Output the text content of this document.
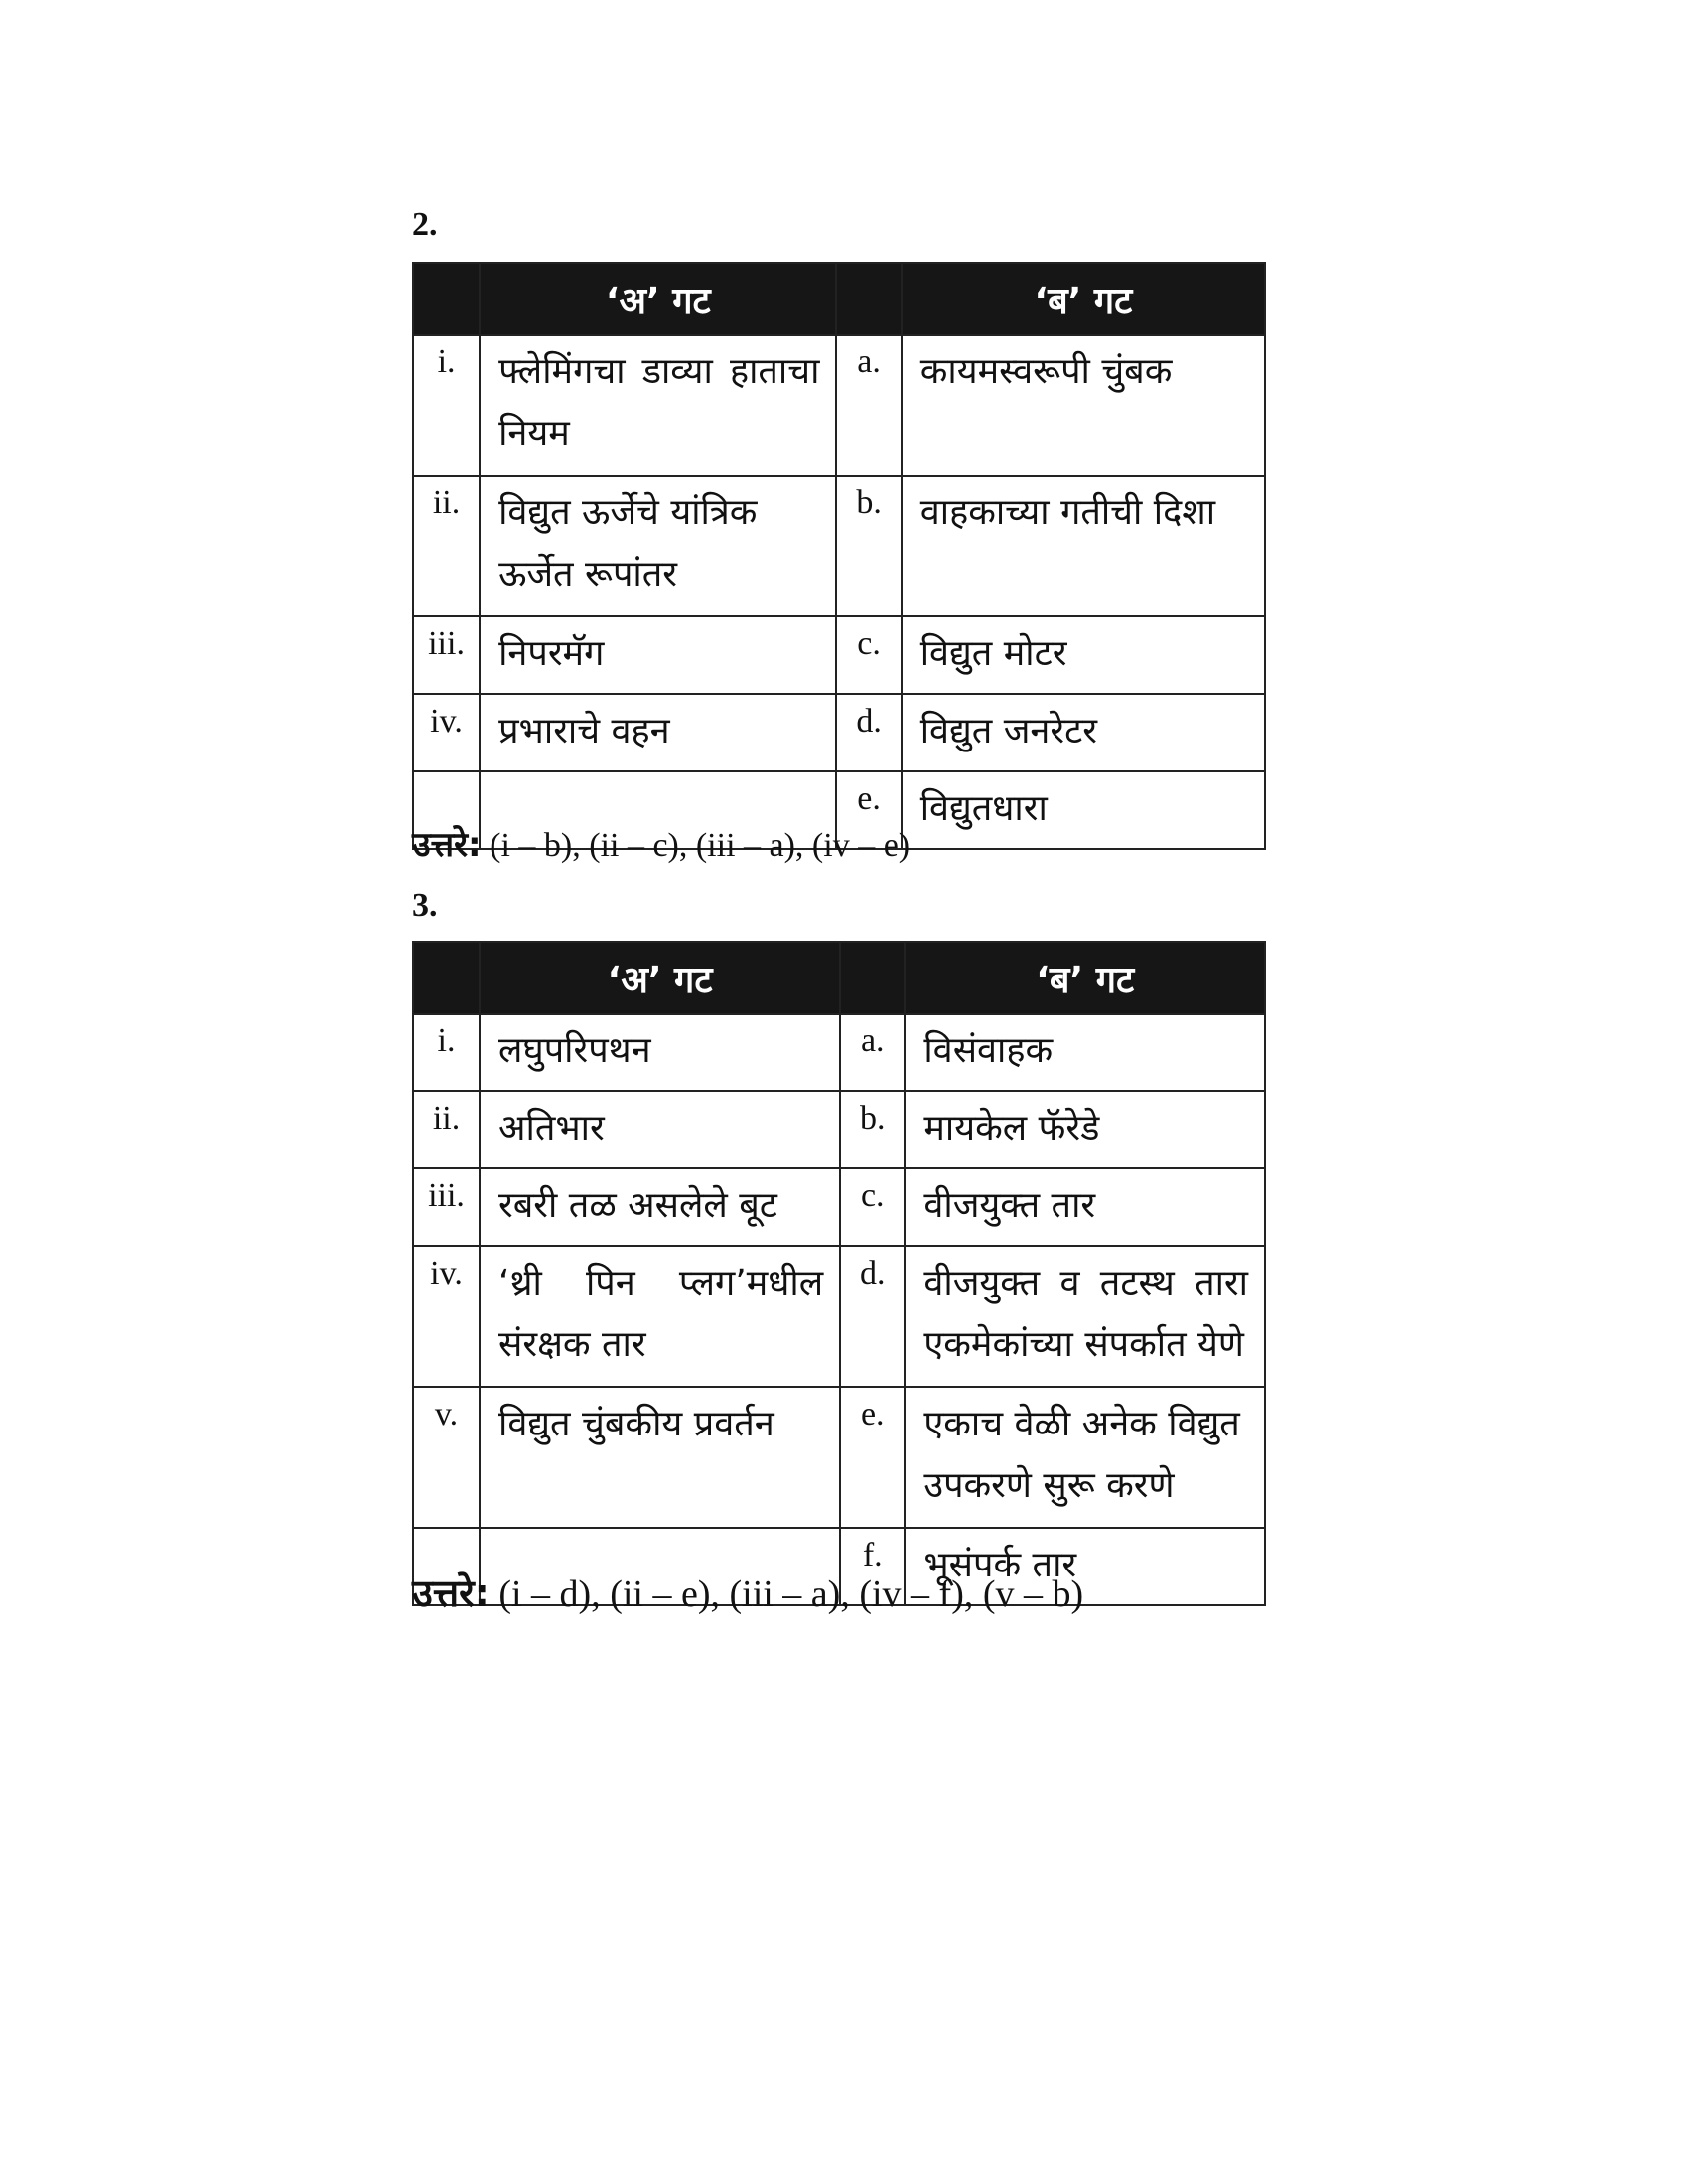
2.
	‘अ’ गट		‘ब’ गट
i.	फ्लेमिंगचा डाव्या हाताचा नियम	a.	कायमस्वरूपी चुंबक
ii.	विद्युत ऊर्जेचे यांत्रिक ऊर्जेत रूपांतर	b.	वाहकाच्या गतीची दिशा
iii.	निपरमॅग	c.	विद्युत मोटर
iv.	प्रभाराचे वहन	d.	विद्युत जनरेटर
		e.	विद्युतधारा
उत्तरे: (i – b), (ii – c), (iii – a), (iv – e)
3.
	‘अ’ गट		‘ब’ गट
i.	लघुपरिपथन	a.	विसंवाहक
ii.	अतिभार	b.	मायकेल फॅरेडे
iii.	रबरी तळ असलेले बूट	c.	वीजयुक्त तार
iv.	‘थ्री पिन प्लग’मधील संरक्षक तार	d.	वीजयुक्त व तटस्थ तारा एकमेकांच्या संपर्कात येणे
v.	विद्युत चुंबकीय प्रवर्तन	e.	एकाच वेळी अनेक विद्युत उपकरणे सुरू करणे
		f.	भूसंपर्क तार
उत्तरे: (i – d), (ii – e), (iii – a), (iv – f), (v – b)
